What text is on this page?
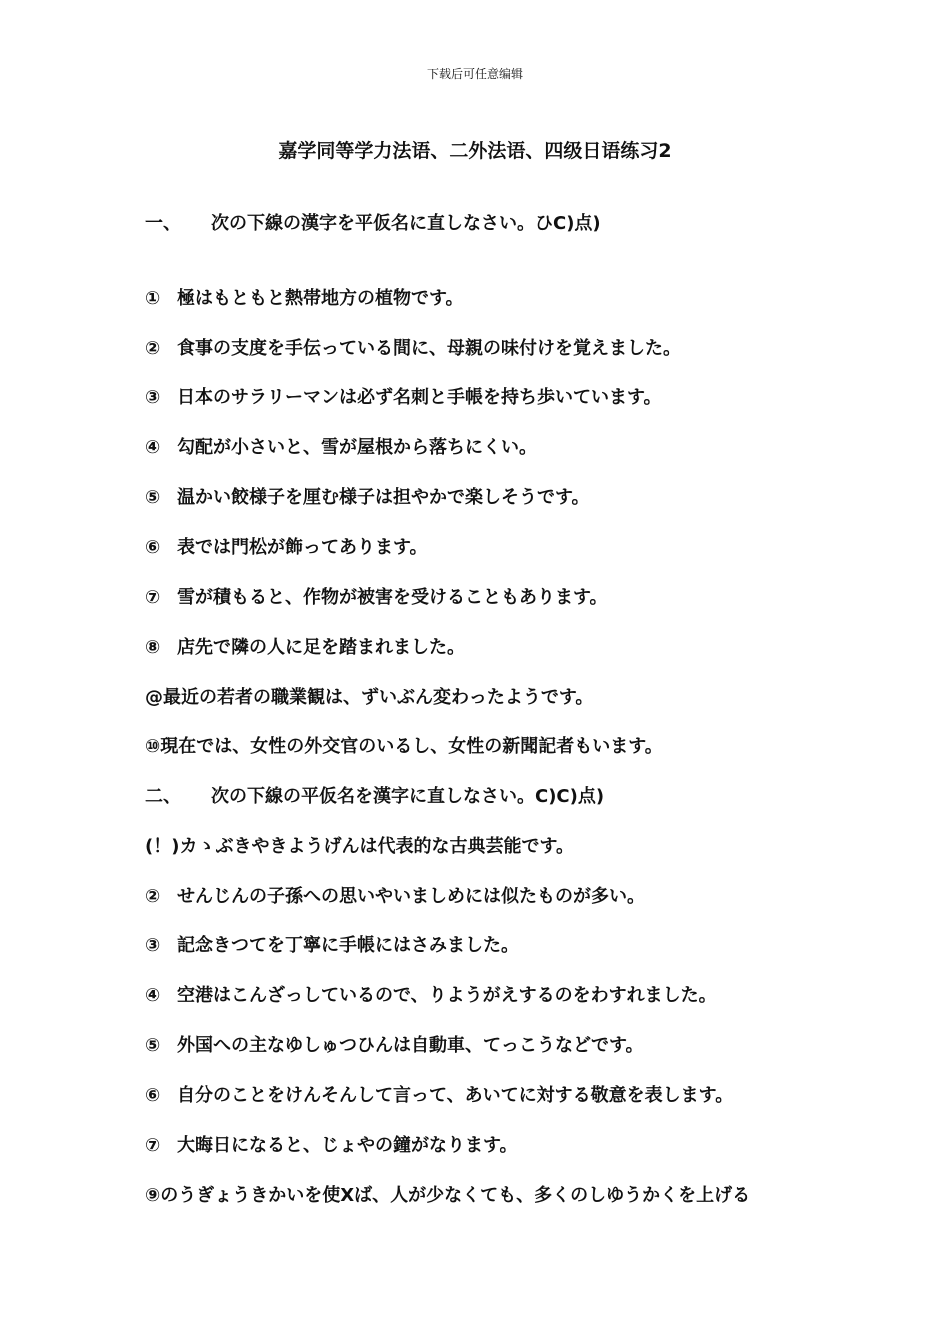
下载后可任意编辑
嘉学同等学力法语、二外法语、四级日语练习2
一、 次の下線の漢字を平仮名に直しなさい。ひC)点)
① 極はもともと熱帯地方の植物です。
② 食事の支度を手伝っている間に、母親の味付けを覚えました。
③ 日本のサラリーマンは必ず名刺と手帳を持ち歩いています。
④ 勾配が小さいと、雪が屋根から落ちにくい。
⑤ 温かい餃様子を厘む様子は担やかで楽しそうです。
⑥ 表では門松が飾ってあります。
⑦ 雪が積もると、作物が被害を受けることもあります。
⑧ 店先で隣の人に足を踏まれました。
@最近の若者の職業観は、ずいぶん変わったようです。
⑩現在では、女性の外交官のいるし、女性の新聞記者もいます。
二、 次の下線の平仮名を漢字に直しなさい。C)C)点)
(！)カゝぶきやきようげんは代表的な古典芸能です。
② せんじんの子孫への思いやいましめには似たものが多い。
③ 記念きつてを丁寧に手帳にはさみました。
④ 空港はこんざっしているので、りようがえするのをわすれました。
⑤ 外国への主なゆしゅつひんは自動車、てっこうなどです。
⑥ 自分のことをけんそんして言って、あいてに対する敬意を表します。
⑦ 大晦日になると、じょやの鐘がなります。
⑨のうぎょうきかいを使Xば、人が少なくても、多くのしゆうかくを上げる
